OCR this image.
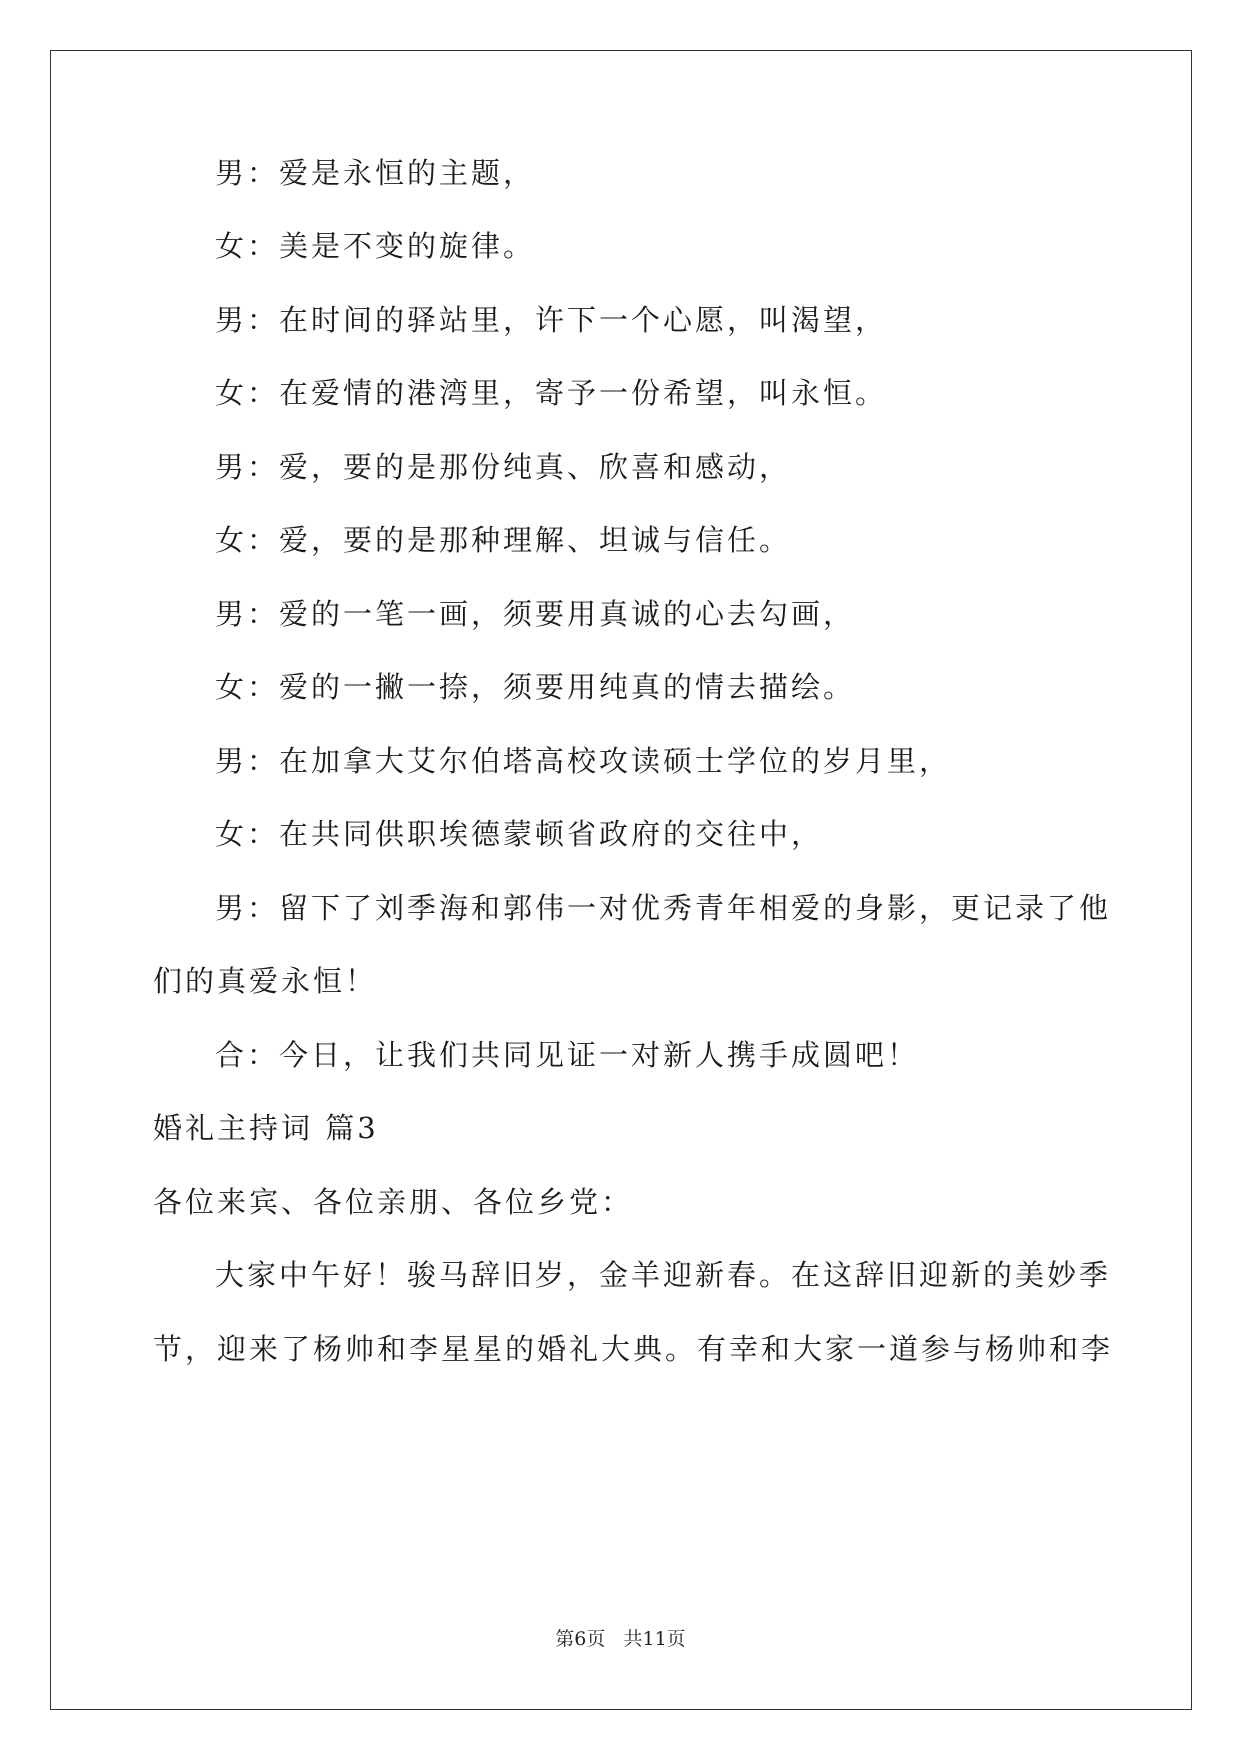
男：爱是永恒的主题，
女：美是不变的旋律。
男：在时间的驿站里，许下一个心愿，叫渴望，
女：在爱情的港湾里，寄予一份希望，叫永恒。
男：爱，要的是那份纯真、欣喜和感动，
女：爱，要的是那种理解、坦诚与信任。
男：爱的一笔一画，须要用真诚的心去勾画，
女：爱的一撇一捺，须要用纯真的情去描绘。
男：在加拿大艾尔伯塔高校攻读硕士学位的岁月里，
女：在共同供职埃德蒙顿省政府的交往中，
男：留下了刘季海和郭伟一对优秀青年相爱的身影，更记录了他
们的真爱永恒！
合：今日，让我们共同见证一对新人携手成圆吧！
婚礼主持词 篇3
各位来宾、各位亲朋、各位乡党：
大家中午好！骏马辞旧岁，金羊迎新春。在这辞旧迎新的美妙季
节，迎来了杨帅和李星星的婚礼大典。有幸和大家一道参与杨帅和李
第6页   共11页
